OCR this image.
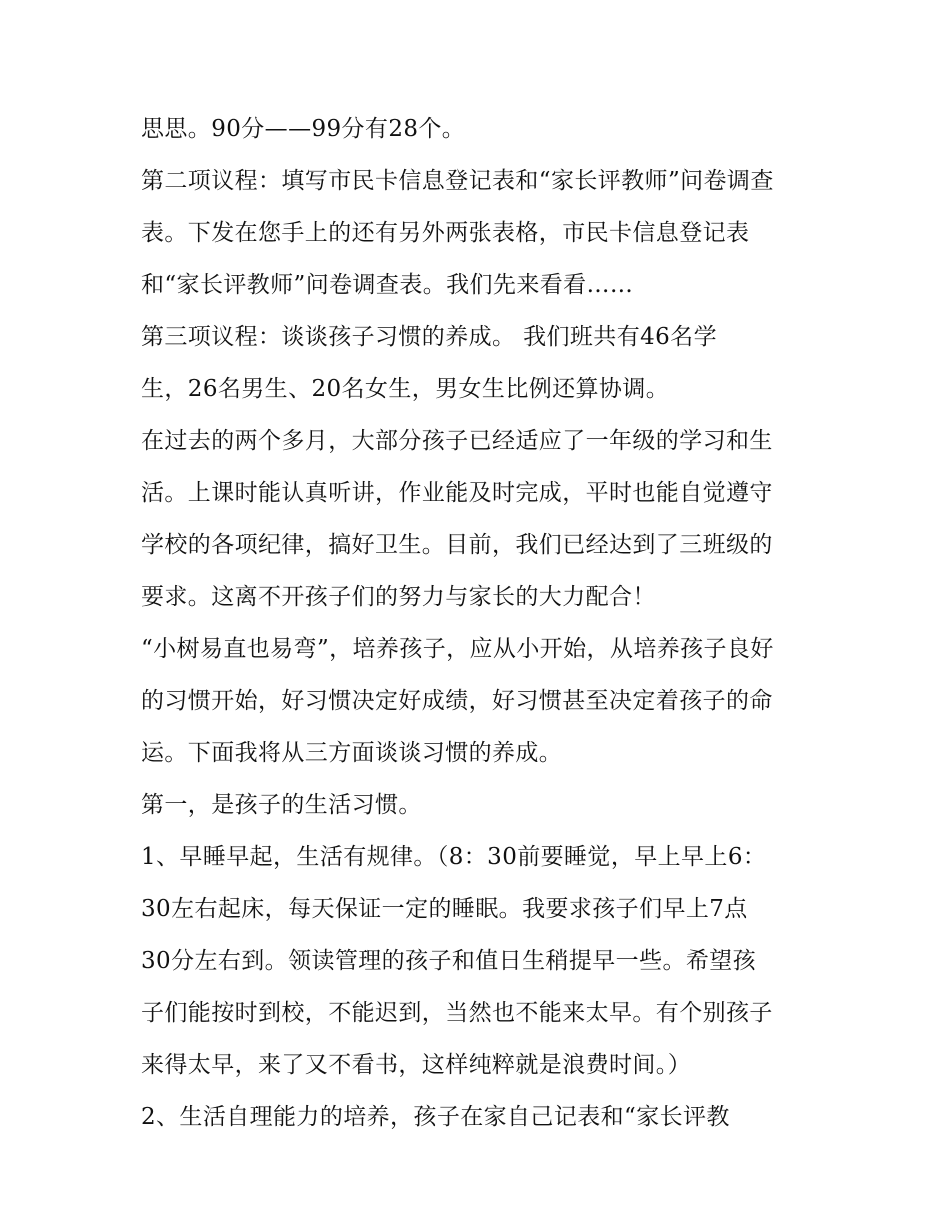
思思。90分——99分有28个。
第二项议程：填写市民卡信息登记表和“家长评教师”问卷调查
表。下发在您手上的还有另外两张表格，市民卡信息登记表
和“家长评教师”问卷调查表。我们先来看看……
第三项议程：谈谈孩子习惯的养成。 我们班共有46名学
生，26名男生、20名女生，男女生比例还算协调。
在过去的两个多月，大部分孩子已经适应了一年级的学习和生
活。上课时能认真听讲，作业能及时完成，平时也能自觉遵守
学校的各项纪律，搞好卫生。目前，我们已经达到了三班级的
要求。这离不开孩子们的努力与家长的大力配合！
“小树易直也易弯”，培养孩子，应从小开始，从培养孩子良好
的习惯开始，好习惯决定好成绩，好习惯甚至决定着孩子的命
运。下面我将从三方面谈谈习惯的养成。
第一，是孩子的生活习惯。
1、早睡早起，生活有规律。（8：30前要睡觉，早上早上6：
30左右起床，每天保证一定的睡眠。我要求孩子们早上7点
30分左右到。领读管理的孩子和值日生稍提早一些。希望孩
子们能按时到校，不能迟到，当然也不能来太早。有个别孩子
来得太早，来了又不看书，这样纯粹就是浪费时间。）
2、生活自理能力的培养，孩子在家自己记表和“家长评教
